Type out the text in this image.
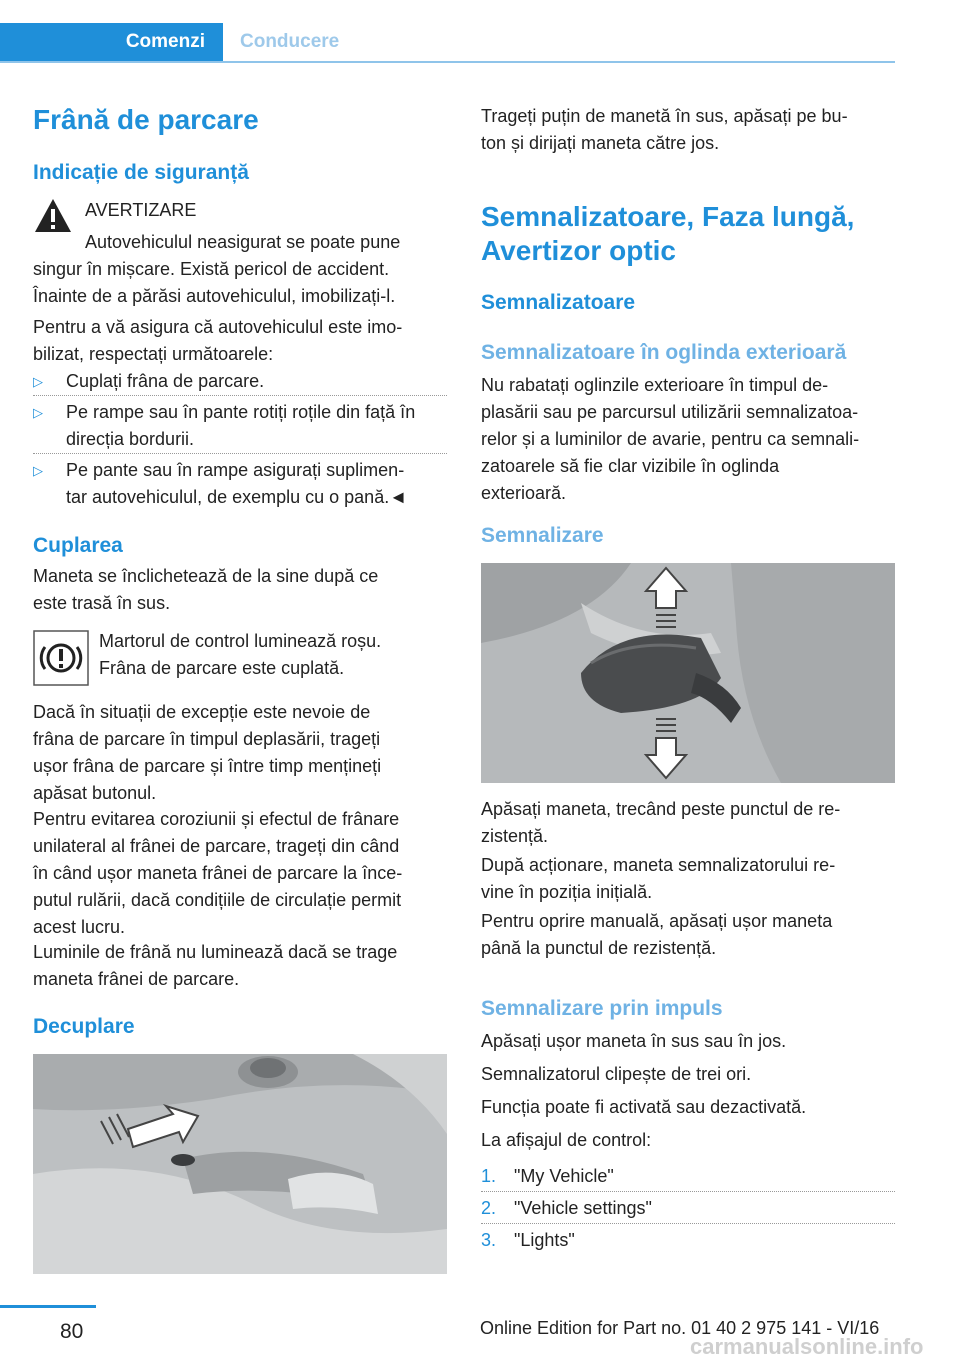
Comenzi Conducere
Frână de parcare
Indicație de siguranță
AVERTIZARE
Autovehiculul neasigurat se poate pune
singur în mișcare. Există pericol de accident.
Înainte de a părăsi autovehiculul, imobilizați-l.
Pentru a vă asigura că autovehiculul este imo-
bilizat, respectați următoarele:
▷ Cuplați frâna de parcare.
▷ Pe rampe sau în pante rotiți roțile din față în
direcția bordurii.
▷ Pe pante sau în rampe asigurați suplimen-
tar autovehiculul, de exemplu cu o pană.◄
Cuplarea
Maneta se înclichetează de la sine după ce
este trasă în sus.
Martorul de control luminează roșu.
Frâna de parcare este cuplată.
Dacă în situații de excepție este nevoie de
frâna de parcare în timpul deplasării, trageți
ușor frâna de parcare și între timp mențineți
apăsat butonul.
Pentru evitarea coroziunii și efectul de frânare
unilateral al frânei de parcare, trageți din când
în când ușor maneta frânei de parcare la înce-
putul rulării, dacă condițiile de circulație permit
acest lucru.
Luminile de frână nu luminează dacă se trage
maneta frânei de parcare.
Decuplare
Trageți puțin de manetă în sus, apăsați pe bu-
ton și dirijați maneta către jos.
Semnalizatoare, Faza lungă,
Avertizor optic
Semnalizatoare
Semnalizatoare în oglinda exterioară
Nu rabatați oglinzile exterioare în timpul de-
plasării sau pe parcursul utilizării semnalizatoa-
relor și a luminilor de avarie, pentru ca semnali-
zatoarele să fie clar vizibile în oglinda
exterioară.
Semnalizare
Apăsați maneta, trecând peste punctul de re-
zistență.
După acționare, maneta semnalizatorului re-
vine în poziția inițială.
Pentru oprire manuală, apăsați ușor maneta
până la punctul de rezistență.
Semnalizare prin impuls
Apăsați ușor maneta în sus sau în jos.
Semnalizatorul clipește de trei ori.
Funcția poate fi activată sau dezactivată.
La afișajul de control:
1. "My Vehicle"
2. "Vehicle settings"
3. "Lights"
80	Online Edition for Part no. 01 40 2 975 141 - VI/16
carmanualsonline.info
